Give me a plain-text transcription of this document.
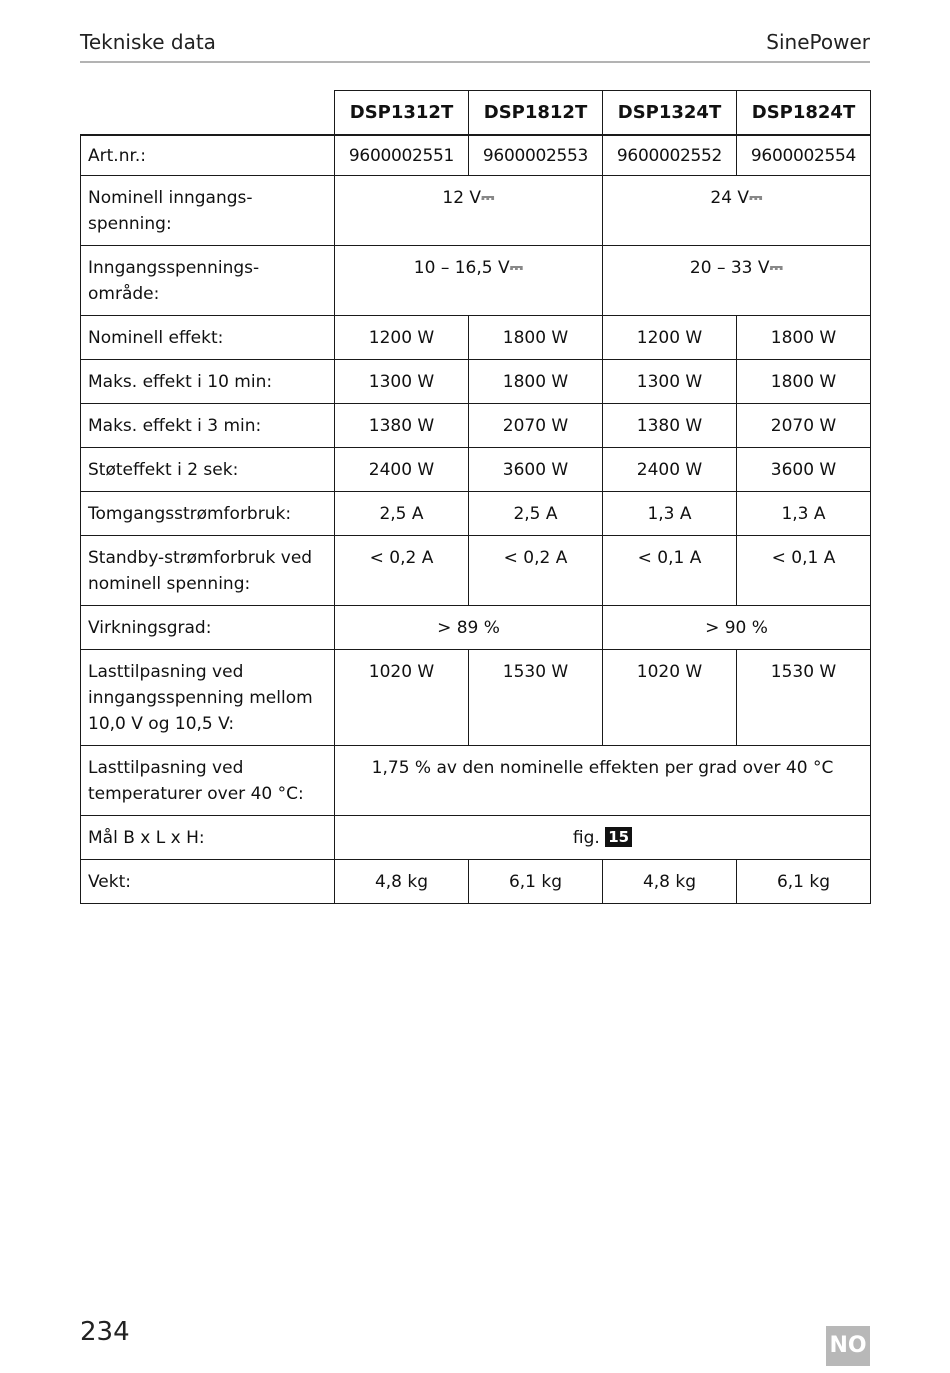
Tekniske data	SinePower
	DSP1312T	DSP1812T	DSP1324T	DSP1824T
Art.nr.:	9600002551	9600002553	9600002552	9600002554
Nominell inngangs-spenning:	12 V⎓		24 V⎓	
Inngangsspennings-område:	10 – 16,5 V⎓		20 – 33 V⎓	
Nominell effekt:	1200 W	1800 W	1200 W	1800 W
Maks. effekt i 10 min:	1300 W	1800 W	1300 W	1800 W
Maks. effekt i 3 min:	1380 W	2070 W	1380 W	2070 W
Støteffekt i 2 sek:	2400 W	3600 W	2400 W	3600 W
Tomgangsstrømforbruk:	2,5 A	2,5 A	1,3 A	1,3 A
Standby-strømforbruk ved nominell spenning:	< 0,2 A	< 0,2 A	< 0,1 A	< 0,1 A
Virkningsgrad:	> 89 %		> 90 %	
Lasttilpasning ved inngangsspenning mellom 10,0 V og 10,5 V:	1020 W	1530 W	1020 W	1530 W
Lasttilpasning ved temperaturer over 40 °C:	1,75 % av den nominelle effekten per grad over 40 °C			
Mål B x L x H:	fig. 15			
Vekt:	4,8 kg	6,1 kg	4,8 kg	6,1 kg
234	NO
